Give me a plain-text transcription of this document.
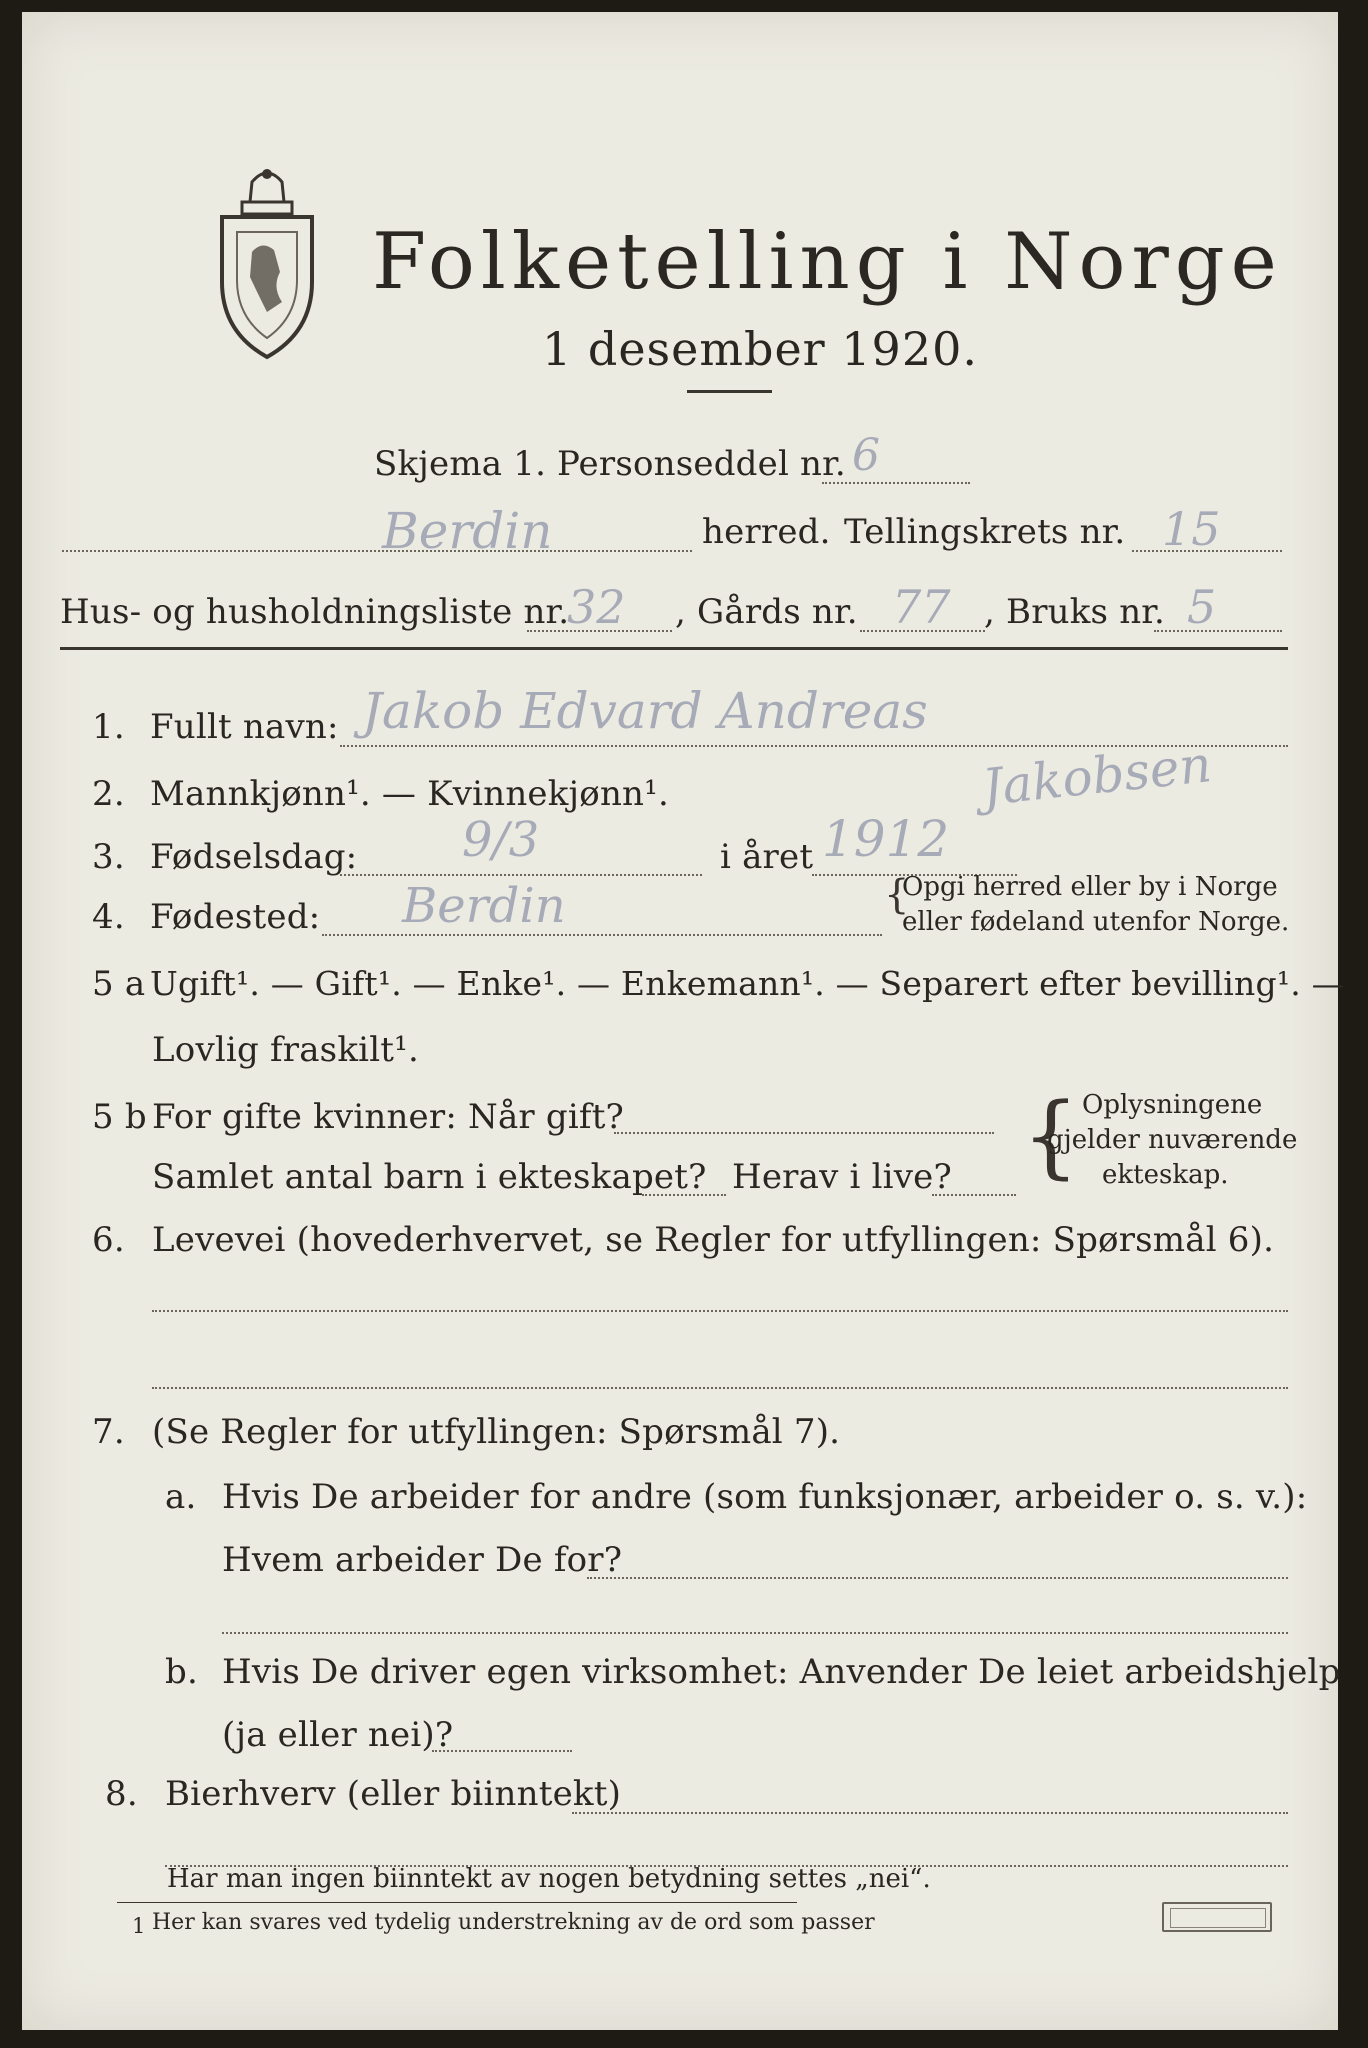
Folketelling i Norge
1 desember 1920.
Skjema 1. Personseddel nr. 6
Berdin	herred. Tellingskrets nr. 15
Hus- og husholdningsliste nr.
32 , Gårds nr. 77 , Bruks nr. 5
1. Fullt navn: Jakob Edvard Andreas
Jakobsen
2. Mannkjønn¹. — Kvinnekjønn¹.
3. Fødselsdag: 9/3	i året 1912
4. Fødested: Berdin	{
Opgi herred eller by i Norge
eller fødeland utenfor Norge.
5 a Ugift¹. — Gift¹. — Enke¹. — Enkemann¹. — Separert efter bevilling¹. —
Lovlig fraskilt¹.
5 b For gifte kvinner: Når gift?
Samlet antal barn i ekteskapet? Herav i live? { Oplysningene
gjelder nuværende
ekteskap.
6. Levevei (hovederhvervet, se Regler for utfyllingen: Spørsmål 6).
7. (Se Regler for utfyllingen: Spørsmål 7).
a. Hvis De arbeider for andre (som funksjonær, arbeider o. s. v.):
Hvem arbeider De for?
b. Hvis De driver egen virksomhet: Anvender De leiet arbeidshjelp
(ja eller nei)?
8. Bierhverv (eller biinntekt)
Har man ingen biinntekt av nogen betydning settes „nei“.
1 Her kan svares ved tydelig understrekning av de ord som passer
